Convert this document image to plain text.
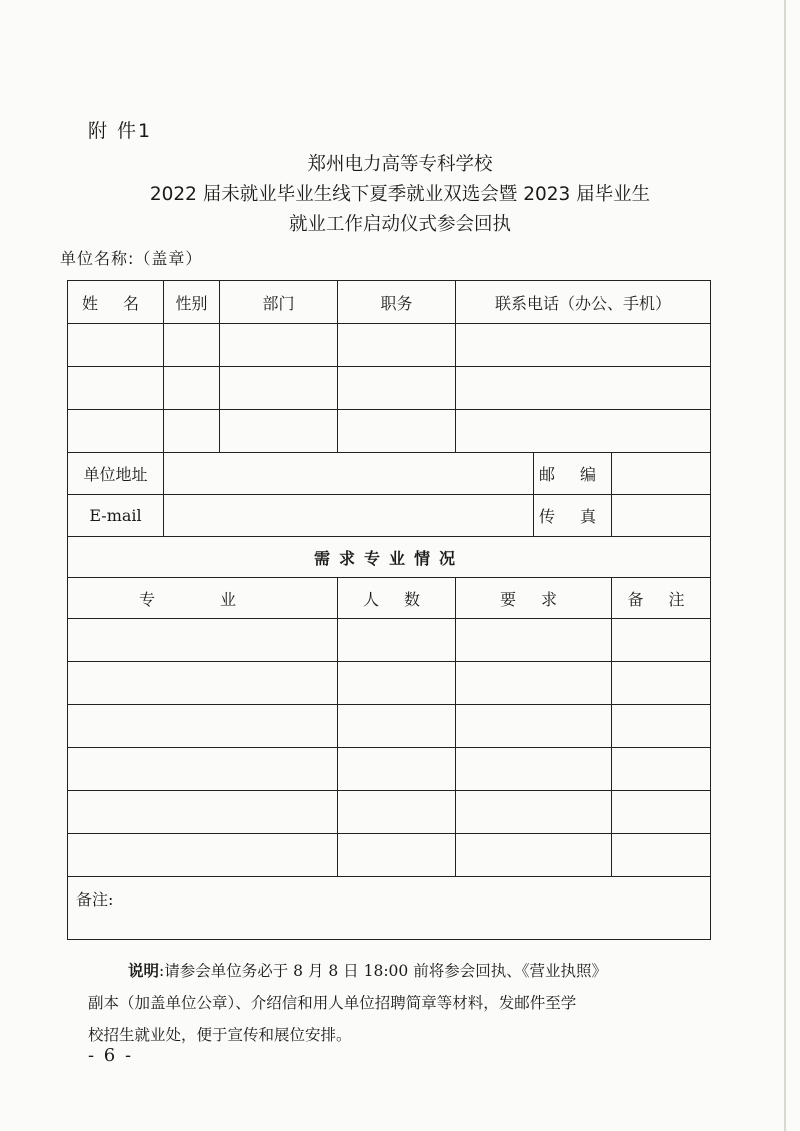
附 件1
郑州电力高等专科学校
2022 届未就业毕业生线下夏季就业双选会暨 2023 届毕业生
就业工作启动仪式参会回执
单位名称:（盖章）
姓 名	性别	部门	职务	联系电话（办公、手机）		

单位地址					邮 编	
E-mail					传 真	
需求专业情况						
专 业			人 数	要 求		备 注

备注:						
说明:请参会单位务必于 8 月 8 日 18:00 前将参会回执、《营业执照》
副本（加盖单位公章）、介绍信和用人单位招聘简章等材料，发邮件至学
校招生就业处，便于宣传和展位安排。
- 6 -
